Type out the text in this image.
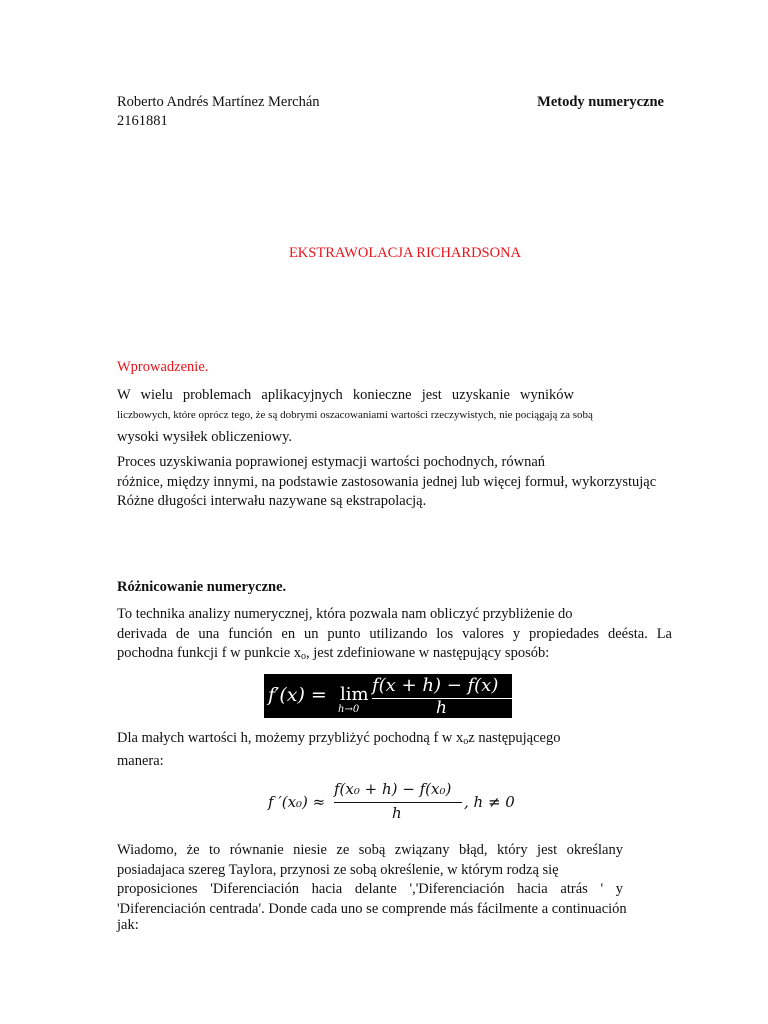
Roberto Andrés Martínez Merchán
2161881
Metody numeryczne
EKSTRAWOLACJA RICHARDSONA
Wprowadzenie.
W wielu problemach aplikacyjnych konieczne jest uzyskanie wyników
liczbowych, które oprócz tego, że są dobrymi oszacowaniami wartości rzeczywistych, nie pociągają za sobą
wysoki wysiłek obliczeniowy.
Proces uzyskiwania poprawionej estymacji wartości pochodnych, równań
różnice, między innymi, na podstawie zastosowania jednej lub więcej formuł, wykorzystując
Różne długości interwału nazywane są ekstrapolacją.
Różnicowanie numeryczne.
To technika analizy numerycznej, która pozwala nam obliczyć przybliżenie do
derivada de una función en un punto utilizando los valores y propiedades deésta. La
pochodna funkcji f w punkcie $x_o$, jest zdefiniowane w następujący sposób:
f′(x) = lim
h→0
f(x + h) − f(x)
h
Dla małych wartości h, możemy przybliżyć pochodną f w $x_oz$ następującego
manera:
f ′(x₀) ≈
f(x₀ + h) − f(x₀)
h
, h ≠ 0
Wiadomo, że to równanie niesie ze sobą związany błąd, który jest określany
posiadajaca szereg Taylora, przynosi ze sobą określenie, w którym rodzą się
proposiciones 'Diferenciación hacia delante ','Diferenciación hacia atrás ' y
'Diferenciación centrada'. Donde cada uno se comprende más fácilmente a continuación
jak:
